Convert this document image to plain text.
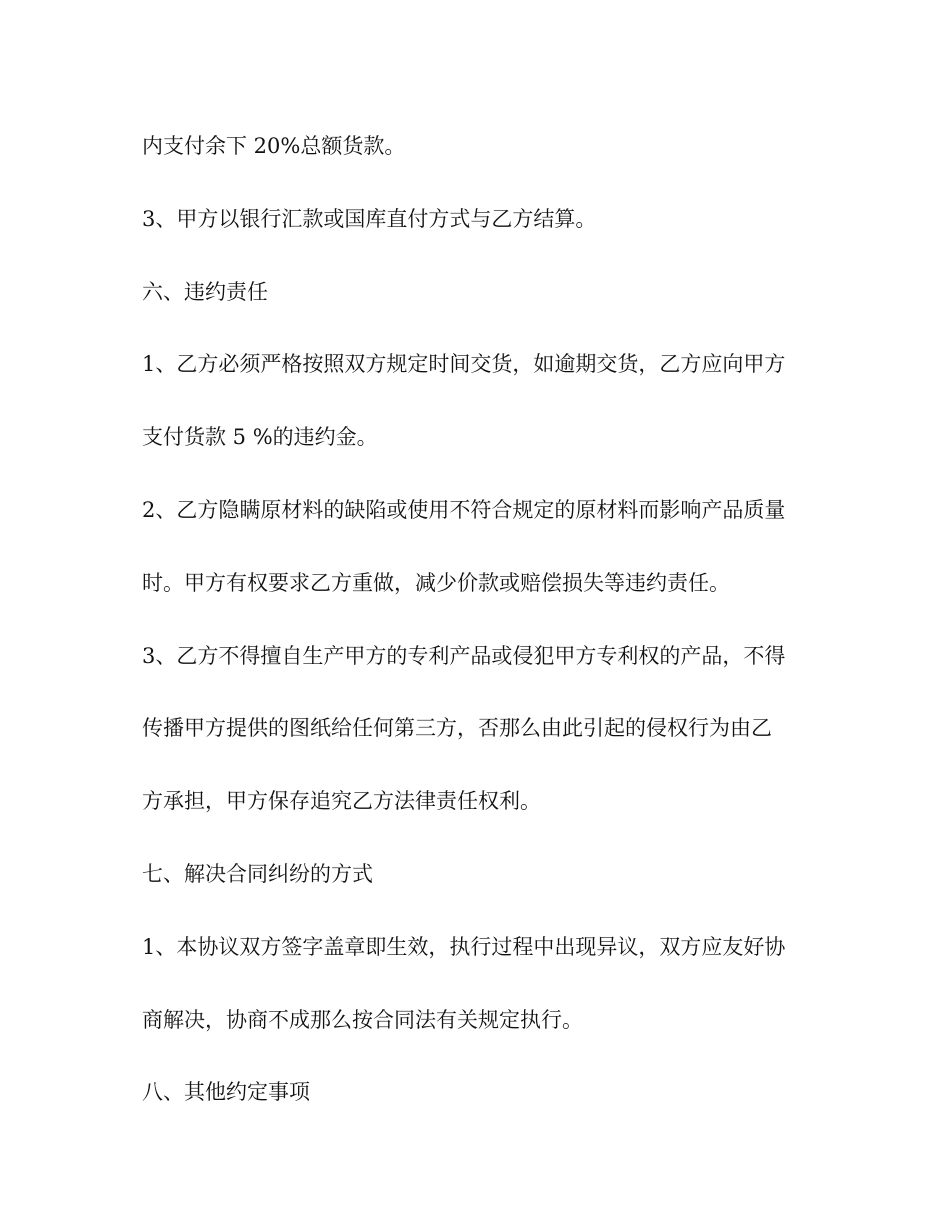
内支付余下 20%总额货款。

3、甲方以银行汇款或国库直付方式与乙方结算。

六、违约责任

1、乙方必须严格按照双方规定时间交货，如逾期交货，乙方应向甲方

支付货款 5 %的违约金。

2、乙方隐瞒原材料的缺陷或使用不符合规定的原材料而影响产品质量

时。甲方有权要求乙方重做，减少价款或赔偿损失等违约责任。

3、乙方不得擅自生产甲方的专利产品或侵犯甲方专利权的产品，不得

传播甲方提供的图纸给任何第三方，否那么由此引起的侵权行为由乙

方承担，甲方保存追究乙方法律责任权利。

七、解决合同纠纷的方式

1、本协议双方签字盖章即生效，执行过程中出现异议，双方应友好协

商解决，协商不成那么按合同法有关规定执行。

八、其他约定事项
